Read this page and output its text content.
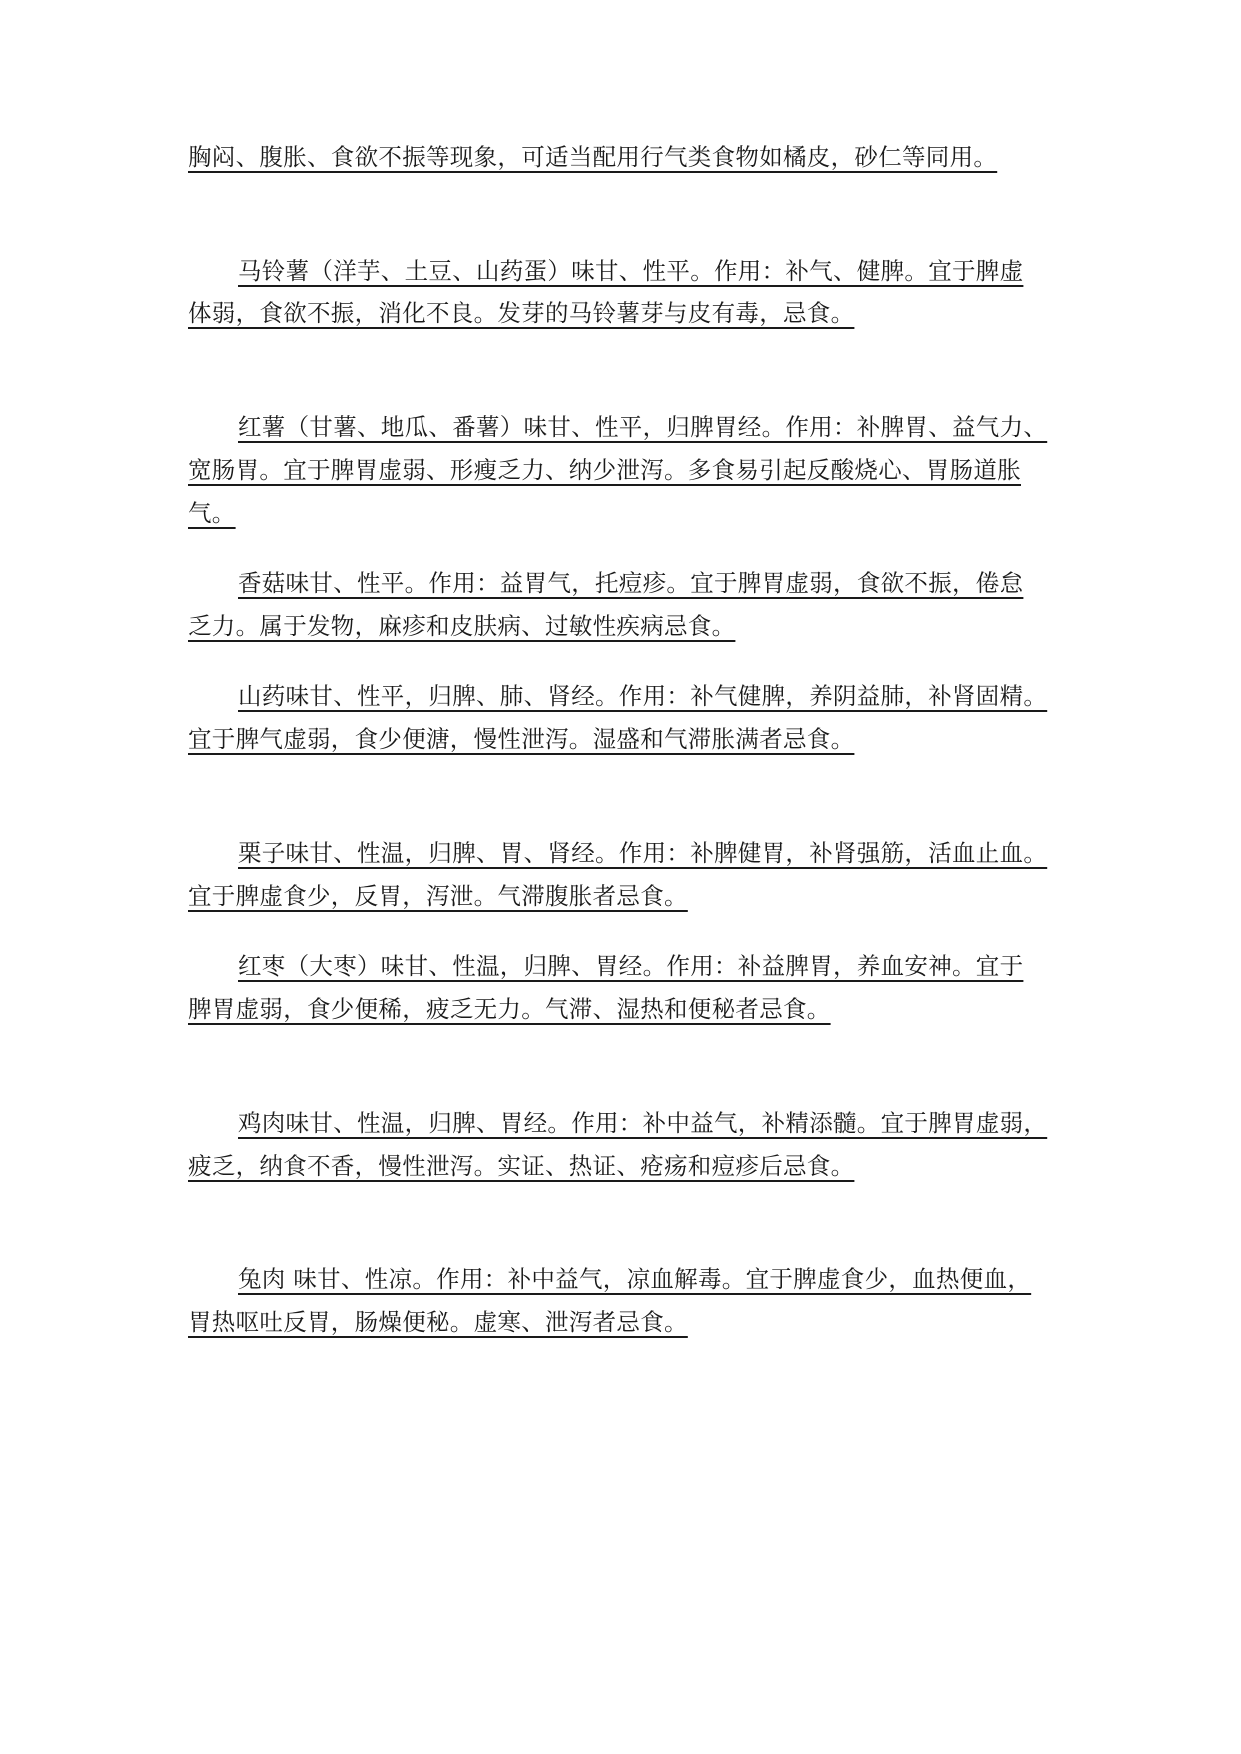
胸闷、腹胀、食欲不振等现象，可适当配用行气类食物如橘皮，砂仁等同用。
马铃薯（洋芋、土豆、山药蛋）味甘、性平。作用：补气、健脾。宜于脾虚
体弱，食欲不振，消化不良。发芽的马铃薯芽与皮有毒，忌食。
红薯（甘薯、地瓜、番薯）味甘、性平，归脾胃经。作用：补脾胃、益气力、
宽肠胃。宜于脾胃虚弱、形瘦乏力、纳少泄泻。多食易引起反酸烧心、胃肠道胀
气。
香菇味甘、性平。作用：益胃气，托痘疹。宜于脾胃虚弱，食欲不振，倦怠
乏力。属于发物，麻疹和皮肤病、过敏性疾病忌食。
山药味甘、性平，归脾、肺、肾经。作用：补气健脾，养阴益肺，补肾固精。
宜于脾气虚弱，食少便溏，慢性泄泻。湿盛和气滞胀满者忌食。
栗子味甘、性温，归脾、胃、肾经。作用：补脾健胃，补肾强筋，活血止血。
宜于脾虚食少，反胃，泻泄。气滞腹胀者忌食。
红枣（大枣）味甘、性温，归脾、胃经。作用：补益脾胃，养血安神。宜于
脾胃虚弱，食少便稀，疲乏无力。气滞、湿热和便秘者忌食。
鸡肉味甘、性温，归脾、胃经。作用：补中益气，补精添髓。宜于脾胃虚弱，
疲乏，纳食不香，慢性泄泻。实证、热证、疮疡和痘疹后忌食。
兔肉 味甘、性凉。作用：补中益气，凉血解毒。宜于脾虚食少，血热便血，
胃热呕吐反胃，肠燥便秘。虚寒、泄泻者忌食。
